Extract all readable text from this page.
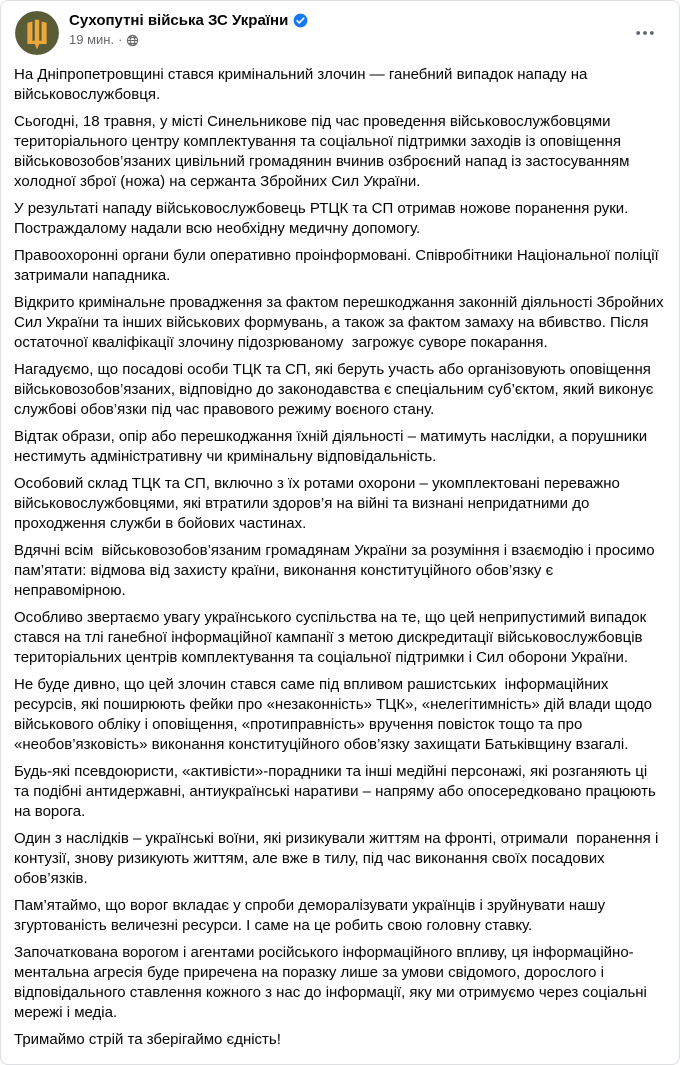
Сухопутні війська ЗС України
19 мин. ·
На Дніпропетровщині стався кримінальний злочин — ганебний випадок нападу на військовослужбовця.
Сьогодні, 18 травня, у місті Синельникове під час проведення військовослужбовцями територіального центру комплектування та соціальної підтримки заходів із оповіщення військовозобов’язаних цивільний громадянин вчинив озброєний напад із застосуванням холодної зброї (ножа) на сержанта Збройних Сил України.
У результаті нападу військовослужбовець РТЦК та СП отримав ножове поранення руки. Постраждалому надали всю необхідну медичну допомогу.
Правоохоронні органи були оперативно проінформовані. Співробітники Національної поліції затримали нападника.
Відкрито кримінальне провадження за фактом перешкоджання законній діяльності Збройних Сил України та інших військових формувань, а також за фактом замаху на вбивство. Після остаточної кваліфікації злочину підозрюваному  загрожує суворе покарання.
Нагадуємо, що посадові особи ТЦК та СП, які беруть участь або організовують оповіщення військовозобов’язаних, відповідно до законодавства є спеціальним суб’єктом, який виконує службові обов’язки під час правового режиму воєного стану.
Відтак образи, опір або перешкоджання їхній діяльності – матимуть наслідки, а порушники нестимуть адміністративну чи кримінальну відповідальність.
Особовий склад ТЦК та СП, включно з їх ротами охорони – укомплектовані переважно військовослужбовцями, які втратили здоров’я на війні та визнані непридатними до проходження служби в бойових частинах.
Вдячні всім  військовозобов’язаним громадянам України за розуміння і взаємодію і просимо пам’ятати: відмова від захисту країни, виконання конституційного обов’язку є неправомірною.
Особливо звертаємо увагу українського суспільства на те, що цей неприпустимий випадок стався на тлі ганебної інформаційної кампанії з метою дискредитації військовослужбовців територіальних центрів комплектування та соціальної підтримки і Сил оборони України.
Не буде дивно, що цей злочин стався саме під впливом рашистських  інформаційних ресурсів, які поширюють фейки про «незаконність» ТЦК», «нелегітимність» дій влади щодо військового обліку і оповіщення, «протиправність» вручення повісток тощо та про «необов’язковість» виконання конституційного обов’язку захищати Батьківщину взагалі.
Будь-які псевдоюристи, «активісти»-порадники та інші медійні персонажі, які розганяють ці та подібні антидержавні, антиукраїнські наративи – напряму або опосередковано працюють на ворога.
Один з наслідків – українські воїни, які ризикували життям на фронті, отримали  поранення і контузії, знову ризикують життям, але вже в тилу, під час виконання своїх посадових обов’язків.
Пам’ятаймо, що ворог вкладає у спроби деморалізувати українців і зруйнувати нашу згуртованість величезні ресурси. І саме на це робить свою головну ставку.
Започаткована ворогом і агентами російського інформаційного впливу, ця інформаційно-ментальна агресія буде приречена на поразку лише за умови свідомого, дорослого і відповідального ставлення кожного з нас до інформації, яку ми отримуємо через соціальні мережі і медіа.
Тримаймо стрій та зберігаймо єдність!
